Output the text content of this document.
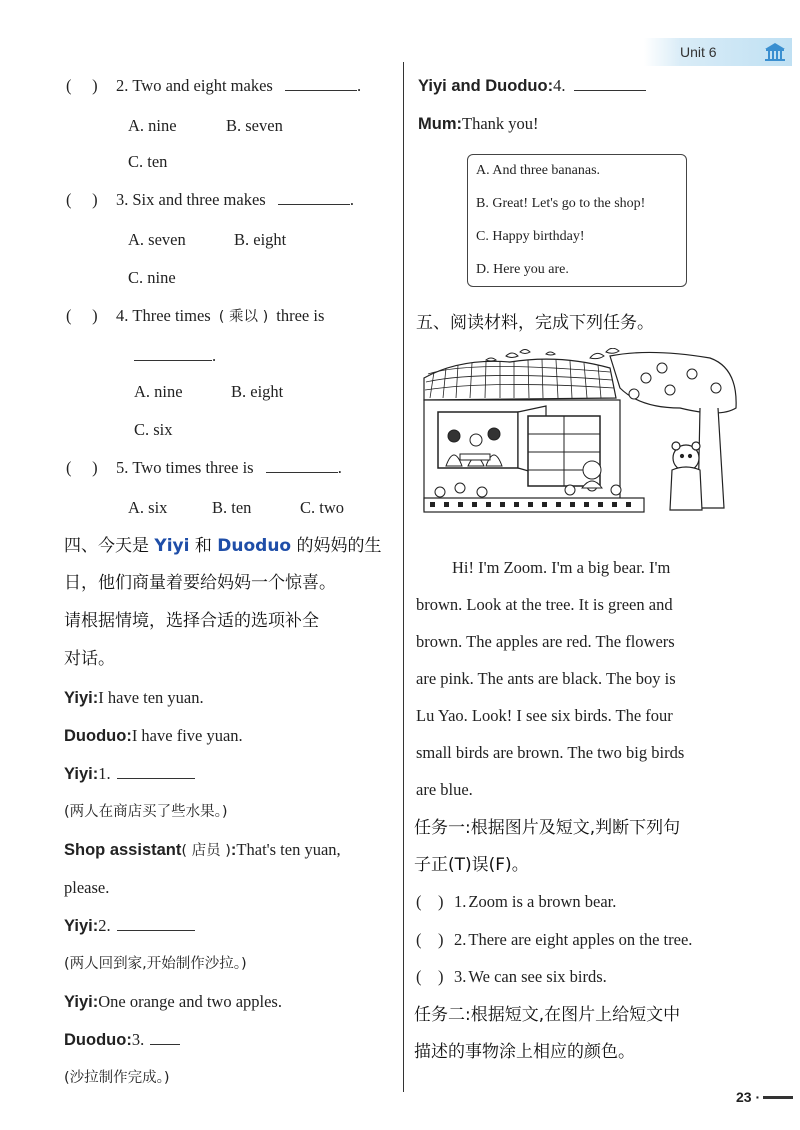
Unit 6
(     ) 2. Two and eight makes	.
A. nine	B. seven
C. ten
(     ) 3. Six and three makes	.
A. seven	B. eight
C. nine
(     ) 4. Three times ( 乘以 ) three is
.
A. nine	B. eight
C. six
(     ) 5. Two times three is	.
A. six	B. ten	C. two
四、今天是 Yiyi 和 Duoduo 的妈妈的生
日，他们商量着要给妈妈一个惊喜。
请根据情境，选择合适的选项补全
对话。
Yiyi:I have ten yuan.
Duoduo:I have five yuan.
Yiyi:1.
(两人在商店买了些水果。)
Shop assistant( 店员 ):That's ten yuan,
please.
Yiyi:2.
(两人回到家,开始制作沙拉。)
Yiyi:One orange and two apples.
Duoduo:3.
(沙拉制作完成。)
Yiyi and Duoduo:4.
Mum:Thank you!
A. And three bananas.
B. Great! Let's go to the shop!
C. Happy birthday!
D. Here you are.
五、阅读材料，完成下列任务。
Hi! I'm Zoom. I'm a big bear. I'm
brown. Look at the tree. It is green and
brown. The apples are red. The flowers
are pink. The ants are black. The boy is
Lu Yao. Look! I see six birds. The four
small birds are brown. The two big birds
are blue.
任务一:根据图片及短文,判断下列句
子正(T)误(F)。
(    ) 1. Zoom is a brown bear.
(    ) 2. There are eight apples on the tree.
(    ) 3. We can see six birds.
任务二:根据短文,在图片上给短文中
描述的事物涂上相应的颜色。
23 ·
